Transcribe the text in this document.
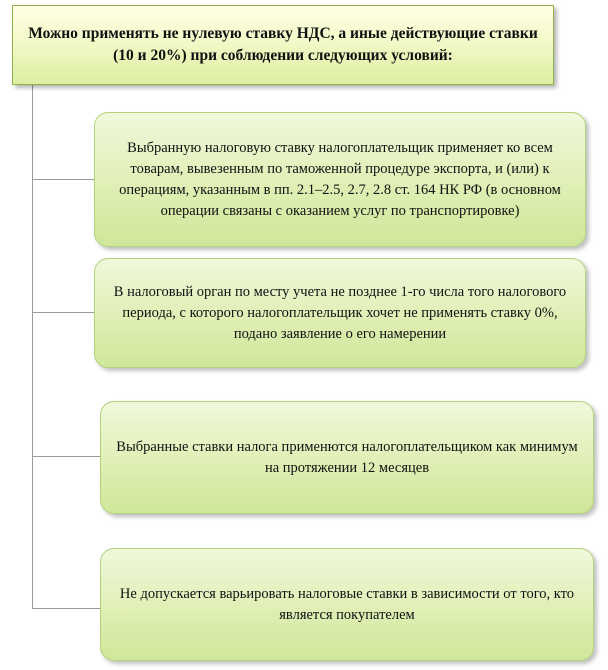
Можно применять не нулевую ставку НДС, а иные действующие ставки (10 и 20%) при соблюдении следующих условий:
Выбранную налоговую ставку налогоплательщик применяет ко всем товарам, вывезенным по таможенной процедуре экспорта, и (или) к операциям, указанным в пп. 2.1–2.5, 2.7, 2.8 ст. 164 НК РФ (в основном операции связаны с оказанием услуг по транспортировке)
В налоговый орган по месту учета не позднее 1-го числа того налогового периода, с которого налогоплательщик хочет не применять ставку 0%, подано заявление о его намерении
Выбранные ставки налога применются налогоплательщиком как минимум на протяжении 12 месяцев
Не допускается варьировать налоговые ставки в зависимости от того, кто является покупателем
